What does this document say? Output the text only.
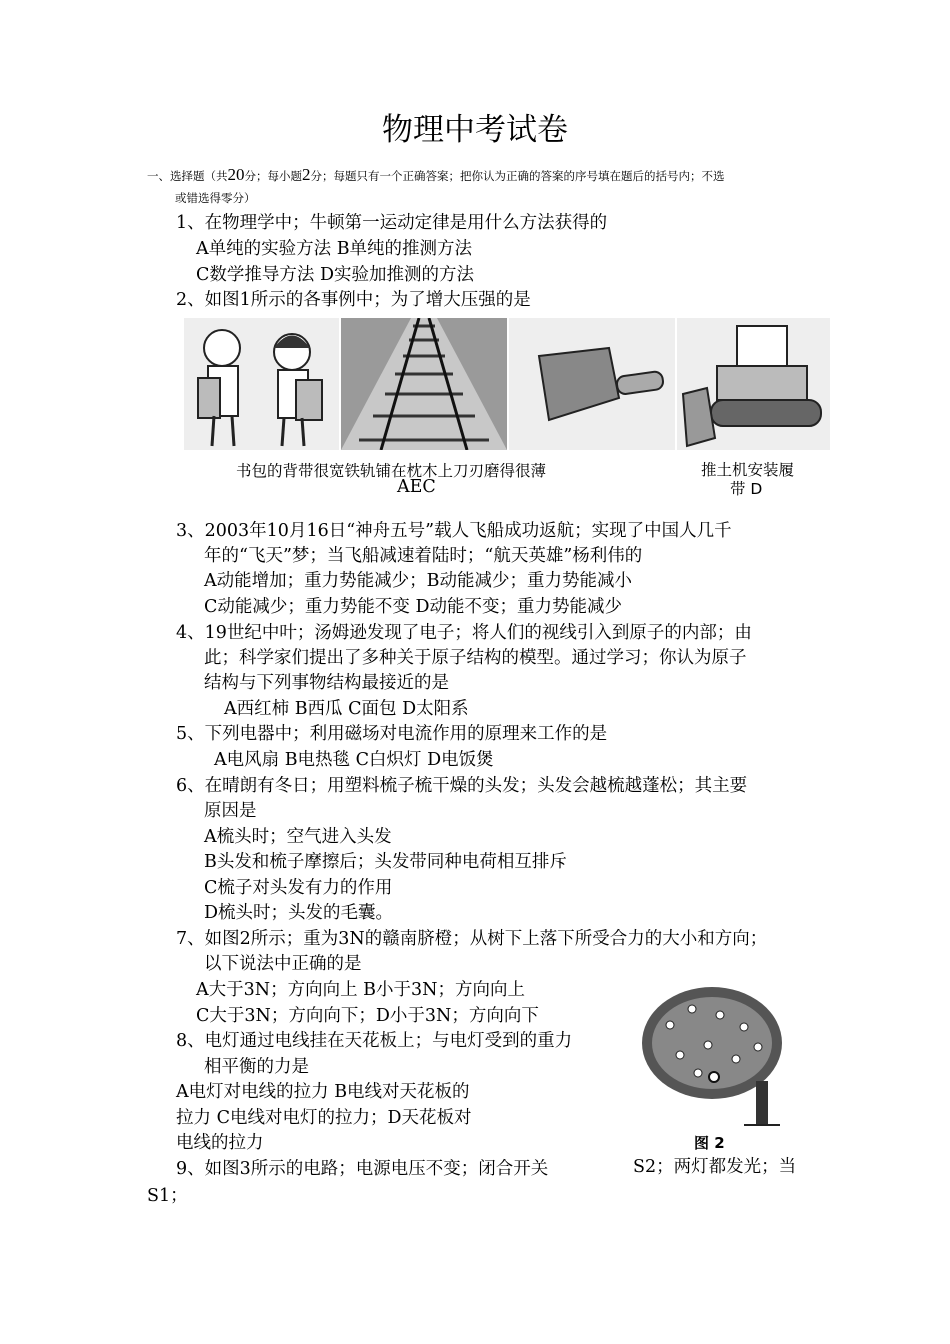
物理中考试卷
一、选择题（共20分；每小题2分；每题只有一个正确答案；把你认为正确的答案的序号填在题后的括号内；不选
或错选得零分）
1、在物理学中；牛顿第一运动定律是用什么方法获得的
A单纯的实验方法 B单纯的推测方法
C数学推导方法 D实验加推测的方法
2、如图1所示的各事例中；为了增大压强的是
书包的背带很宽铁轨铺在枕木上刀刃磨得很薄
AEC
推土机安装履
带 D
3、2003年10月16日“神舟五号”载人飞船成功返航；实现了中国人几千
年的“飞天”梦；当飞船减速着陆时；“航天英雄”杨利伟的
A动能增加；重力势能减少；B动能减少；重力势能减小
C动能减少；重力势能不变 D动能不变；重力势能减少
4、19世纪中叶；汤姆逊发现了电子；将人们的视线引入到原子的内部；由
此；科学家们提出了多种关于原子结构的模型。通过学习；你认为原子
结构与下列事物结构最接近的是
A西红柿 B西瓜 C面包 D太阳系
5、下列电器中；利用磁场对电流作用的原理来工作的是
A电风扇 B电热毯 C白炽灯 D电饭煲
6、在晴朗有冬日；用塑料梳子梳干燥的头发；头发会越梳越蓬松；其主要
原因是
A梳头时；空气进入头发
B头发和梳子摩擦后；头发带同种电荷相互排斥
C梳子对头发有力的作用
D梳头时；头发的毛囊。
7、如图2所示；重为3N的赣南脐橙；从树下上落下所受合力的大小和方向；
以下说法中正确的是
A大于3N；方向向上 B小于3N；方向向上
C大于3N；方向向下；D小于3N；方向向下
8、电灯通过电线挂在天花板上；与电灯受到的重力
相平衡的力是
A电灯对电线的拉力 B电线对天花板的
拉力 C电线对电灯的拉力；D天花板对
电线的拉力	图 2
9、如图3所示的电路；电源电压不变；闭合开关	S2；两灯都发光；当
S1；
